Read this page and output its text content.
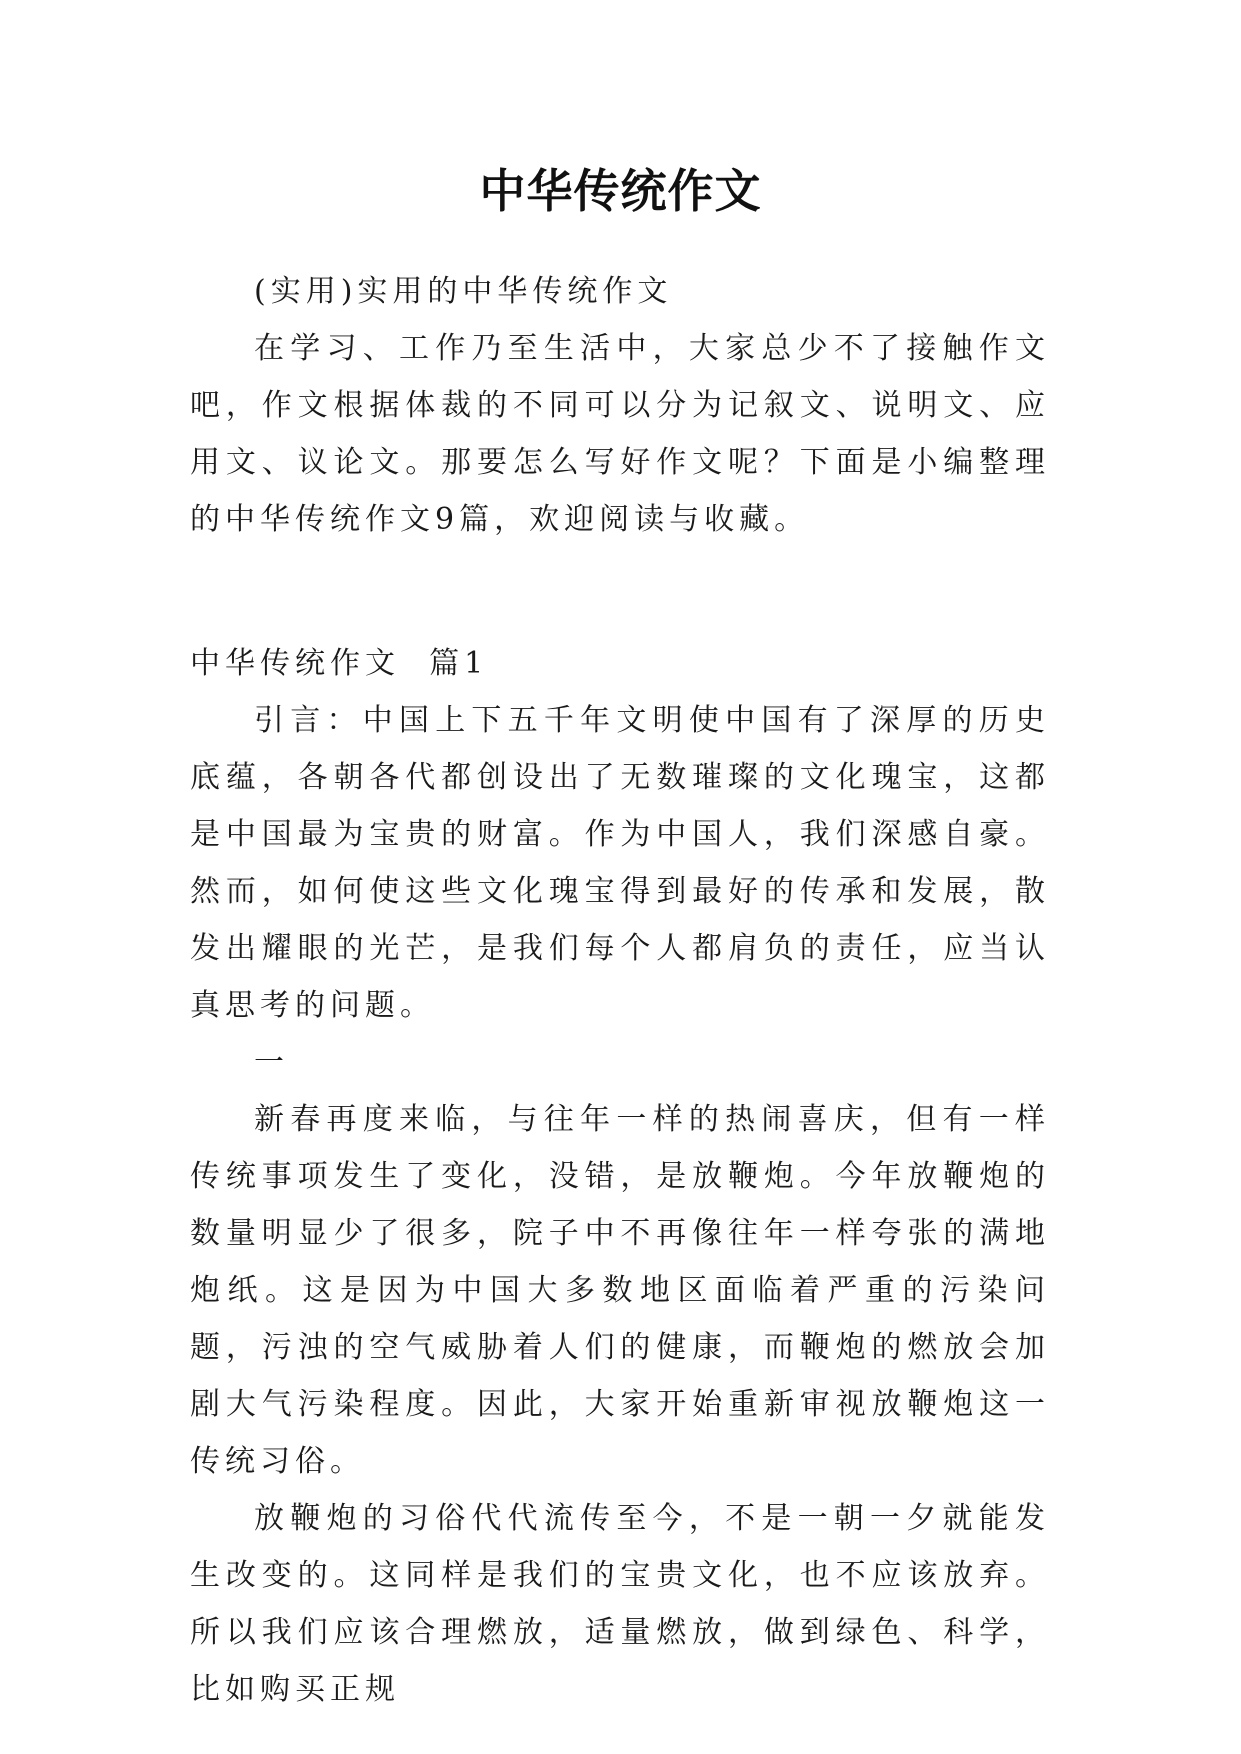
中华传统作文

(实用)实用的中华传统作文

在学习、工作乃至生活中，大家总少不了接触作文吧，作文根据体裁的不同可以分为记叙文、说明文、应用文、议论文。那要怎么写好作文呢？下面是小编整理的中华传统作文9篇，欢迎阅读与收藏。

中华传统作文  篇1

引言：中国上下五千年文明使中国有了深厚的历史底蕴，各朝各代都创设出了无数璀璨的文化瑰宝，这都是中国最为宝贵的财富。作为中国人，我们深感自豪。然而，如何使这些文化瑰宝得到最好的传承和发展，散发出耀眼的光芒，是我们每个人都肩负的责任，应当认真思考的问题。

一

新春再度来临，与往年一样的热闹喜庆，但有一样传统事项发生了变化，没错，是放鞭炮。今年放鞭炮的数量明显少了很多，院子中不再像往年一样夸张的满地炮纸。这是因为中国大多数地区面临着严重的污染问题，污浊的空气威胁着人们的健康，而鞭炮的燃放会加剧大气污染程度。因此，大家开始重新审视放鞭炮这一传统习俗。

放鞭炮的习俗代代流传至今，不是一朝一夕就能发生改变的。这同样是我们的宝贵文化，也不应该放弃。所以我们应该合理燃放，适量燃放，做到绿色、科学，比如购买正规
